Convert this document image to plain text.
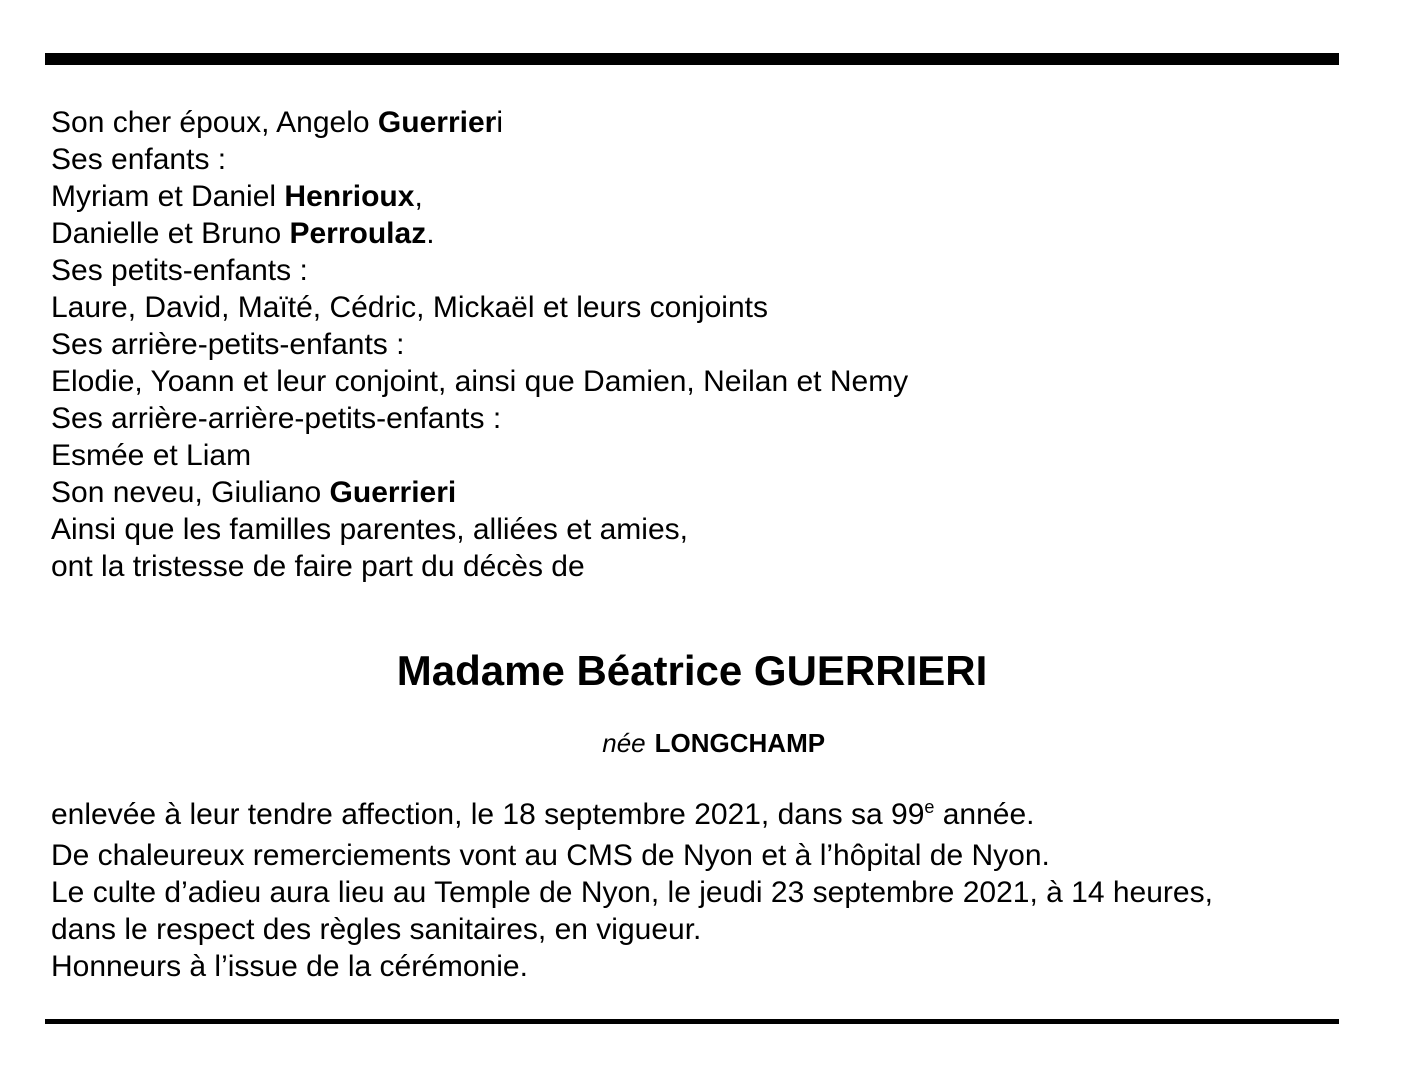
Son cher époux, Angelo Guerrieri
Ses enfants :
Myriam et Daniel Henrioux,
Danielle et Bruno Perroulaz.
Ses petits-enfants :
Laure, David, Maïté, Cédric, Mickaël et leurs conjoints
Ses arrière-petits-enfants :
Elodie, Yoann et leur conjoint, ainsi que Damien, Neilan et Nemy
Ses arrière-arrière-petits-enfants :
Esmée et Liam
Son neveu, Giuliano Guerrieri
Ainsi que les familles parentes, alliées et amies,
ont la tristesse de faire part du décès de
Madame Béatrice GUERRIERI

née LONGCHAMP

enlevée à leur tendre affection, le 18 septembre 2021, dans sa 99e année.
De chaleureux remerciements vont au CMS de Nyon et à l’hôpital de Nyon.
Le culte d’adieu aura lieu au Temple de Nyon, le jeudi 23 septembre 2021, à 14 heures,
dans le respect des règles sanitaires, en vigueur.
Honneurs à l’issue de la cérémonie.
